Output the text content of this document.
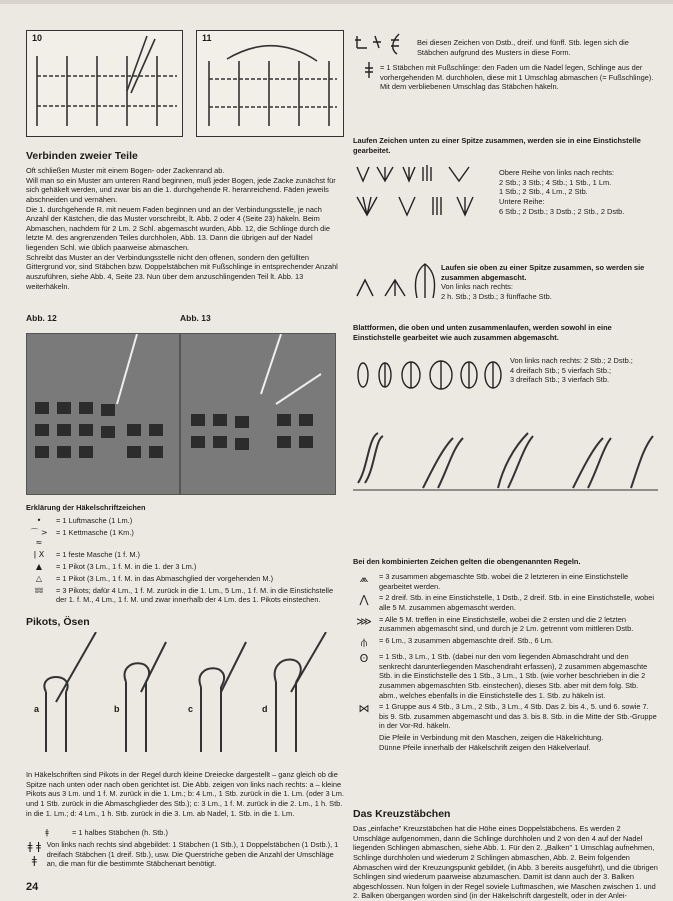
10	11
Verbinden zweier Teile

Oft schließen Muster mit einem Bogen- oder Zackenrand ab.

Will man so ein Muster am unteren Rand beginnen, muß jeder Bogen, jede Zacke zunächst für sich gehäkelt werden, und zwar bis an die 1. durchgehende R. heranreichend. Fäden jeweils abschneiden und vernähen.

Die 1. durchgehende R. mit neuem Faden beginnen und an der Verbindungsstelle, je nach Anzahl der Kästchen, die das Muster vorschreibt, lt. Abb. 2 oder 4 (Seite 23) häkeln. Beim Abmaschen, nachdem für 2 Lm. 2 Schl. abgemascht wurden, Abb. 12, die Schlinge durch die letzte M. des angrenzenden Teiles durchholen, Abb. 13. Dann die übrigen auf der Nadel liegenden Schl. wie üblich paarweise abmaschen.

Schreibt das Muster an der Verbindungsstelle nicht den offenen, sondern den gefüllten Gittergrund vor, sind Stäbchen bzw. Doppelstäbchen mit Fußschlinge in entsprechender Anzahl auszuführen, siehe Abb. 4, Seite 23. Nun über dem anzuschlingenden Teil lt. Abb. 13 weiterhäkeln.

Abb. 12	Abb. 13
Erklärung der Häkelschriftzeichen
•	= 1 Luftmasche (1 Lm.)
⌒ > ≈
= 1 Kettmasche (1 Km.)
ǀ X	= 1 feste Masche (1 f. M.)
▲	= 1 Pikot (3 Lm., 1 f. M. in die 1. der 3 Lm.)
△	= 1 Pikot (3 Lm., 1 f. M. in das Abmaschglied der vorgehenden M.)
ʬʬ	= 3 Pikots; dafür 4 Lm., 1 f. M. zurück in die 1. Lm., 5 Lm., 1 f. M. in die Einstichstelle der 1. f. M., 4 Lm., 1 f. M. und zwar innerhalb der 4 Lm. des 1. Pikots einstechen.
Pikots, Ösen
a	b	c	d
In Häkelschriften sind Pikots in der Regel durch kleine Dreiecke dargestellt – ganz gleich ob die Spitze nach unten oder nach oben gerichtet ist. Die Abb. zeigen von links nach rechts: a – kleine Pikots aus 3 Lm. und 1 f. M. zurück in die 1. Lm.; b: 4 Lm., 1 Stb. zurück in die 1. Lm. (oder 3 Lm. und 1 Stb. zurück in die Abmaschglieder des Stb.); c: 3 Lm., 1 f. M. zurück in die 2. Lm., 1 h. Stb. in die 1. Lm.; d: 4 Lm., 1 h. Stb. zurück in die 3. Lm. ab Nadel, 1. Stb. in die 1. Lm.
ǂ	= 1 halbes Stäbchen (h. Stb.)
ǂ ǂ ǂ
Von links nach rechts sind abgebildet: 1 Stäbchen (1 Stb.), 1 Doppelstäbchen (1 Dstb.), 1 dreifach Stäbchen (1 dreif. Stb.), usw. Die Querstriche geben die Anzahl der Umschläge an, die man für die bestimmte Stäbchenart benötigt.
24
Bei diesen Zeichen von Dstb., dreif. und fünff. Stb. legen sich die Stäbchen aufgrund des Musters in diese Form.
= 1 Stäbchen mit Fußschlinge: den Faden um die Nadel legen, Schlinge aus der vorhergehenden M. durchholen, diese mit 1 Umschlag abmaschen (= Fußschlinge). Mit dem verbliebenen Umschlag das Stäbchen häkeln.
Laufen Zeichen unten zu einer Spitze zusammen, werden sie in eine Einstichstelle gearbeitet.
Obere Reihe von links nach rechts:
2 Stb.; 3 Stb.; 4 Stb.; 1 Stb., 1 Lm.
1 Stb.; 2 Stb., 4 Lm., 2 Stb.
Untere Reihe:
6 Stb.; 2 Dstb.; 3 Dstb.; 2 Stb., 2 Dstb.
Laufen sie oben zu einer Spitze zusammen, so werden sie zusammen abgemascht.
Von links nach rechts:
2 h. Stb.; 3 Dstb.; 3 fünffache Stb.
Blattformen, die oben und unten zusammenlaufen, werden sowohl in eine Einstichstelle gearbeitet wie auch zusammen abgemascht.
Von links nach rechts: 2 Stb.; 2 Dstb.;
4 dreifach Stb.; 5 vierfach Stb.;
3 dreifach Stb.; 3 vierfach Stb.
Bei den kombinierten Zeichen gelten die obengenannten Regeln.
⩕	= 3 zusammen abgemaschte Stb. wobei die 2 letzteren in eine Einstichstelle gearbeitet werden.
⋀	= 2 dreif. Stb. in eine Einstichstelle, 1 Dstb., 2 dreif. Stb. in eine Einstichstelle, wobei alle 5 M. zusammen abgemascht werden.
⋙ = Alle 5 M. treffen in eine Einstichstelle, wobei die 2 ersten und die 2 letzten zusammen abgemascht sind, und durch je 2 Lm. getrennt vom mittleren Dstb.
⫛	= 6 Lm., 3 zusammen abgemaschte dreif. Stb., 6 Lm.
ʘ	= 1 Stb., 3 Lm., 1 Stb. (dabei nur den vom liegenden Abmaschdraht und den senkrecht darunterliegenden Maschendraht erfassen), 2 zusammen abgemaschte Stb. in die Einstichstelle des 1 Stb., 3 Lm., 1 Stb. (wie vorher beschrieben in die 2 zusammen abgemaschten Stb. einstechen), dieses Stb. aber mit dem folg. Stb. abm., welches ebenfalls in die Einstichstelle des 1. Stb. zu häkeln ist.
⋈	= 1 Gruppe aus 4 Stb., 3 Lm., 2 Stb., 3 Lm., 4 Stb. Das 2. bis 4., 5. und 6. sowie 7. bis 9. Stb. zusammen abgemascht und das 3. bis 8. Stb. in die Mitte der Stb.-Gruppe in der Vor-Rd. häkeln.
Die Pfeile in Verbindung mit den Maschen, zeigen die Häkelrichtung.
Dünne Pfeile innerhalb der Häkelschrift zeigen den Häkelverlauf.
Das Kreuzstäbchen
Das „einfache" Kreuzstäbchen hat die Höhe eines Doppelstäbchens. Es werden 2 Umschläge aufgenommen, dann die Schlinge durchholen und 2 von den 4 auf der Nadel liegenden Schlingen abmaschen, siehe Abb. 1. Für den 2. „Balken" 1 Umschlag aufnehmen, Schlinge durchholen und wiederum 2 Schlingen abmaschen, Abb. 2. Beim folgenden Abmaschen wird der Kreuzungspunkt gebildet, (in Abb. 3 bereits ausgeführt), und die übrigen Schlingen sind wiederum paarweise abzumaschen. Damit ist dann auch der 3. Balken abgeschlossen. Nun folgen in der Regel soviele Luftmaschen, wie Maschen zwischen 1. und 2. Balken übergangen worden sind (in der Häkelschrift dargestellt, oder in der Anlei-
